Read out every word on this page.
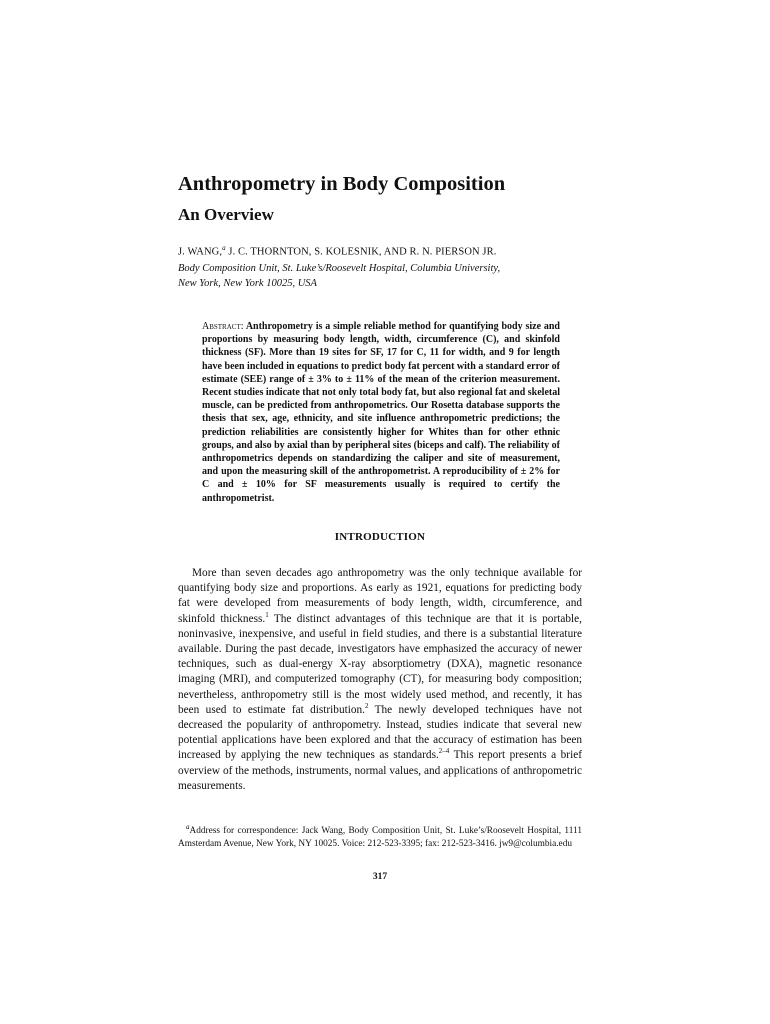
Anthropometry in Body Composition
An Overview
J. WANG,$^a$ J. C. THORNTON, S. KOLESNIK, AND R. N. PIERSON JR.
Body Composition Unit, St. Luke’s/Roosevelt Hospital, Columbia University,
New York, New York 10025, USA
Abstract: Anthropometry is a simple reliable method for quantifying body size and proportions by measuring body length, width, circumference (C), and skinfold thickness (SF). More than 19 sites for SF, 17 for C, 11 for width, and 9 for length have been included in equations to predict body fat percent with a standard error of estimate (SEE) range of ± 3% to ± 11% of the mean of the criterion measurement. Recent studies indicate that not only total body fat, but also regional fat and skeletal muscle, can be predicted from anthropometrics. Our Rosetta database supports the thesis that sex, age, ethnicity, and site influence anthropometric predictions; the prediction reliabilities are consistently higher for Whites than for other ethnic groups, and also by axial than by peripheral sites (biceps and calf). The reliability of anthropometrics depends on standardizing the caliper and site of measurement, and upon the measuring skill of the anthropometrist. A reproducibility of ± 2% for C and ± 10% for SF measurements usually is required to certify the anthropometrist.
INTRODUCTION

More than seven decades ago anthropometry was the only technique available for quantifying body size and proportions. As early as 1921, equations for predicting body fat were developed from measurements of body length, width, circumference, and skinfold thickness.$^1$ The distinct advantages of this technique are that it is portable, noninvasive, inexpensive, and useful in field studies, and there is a substantial literature available. During the past decade, investigators have emphasized the accuracy of newer techniques, such as dual-energy X-ray absorptiometry (DXA), magnetic resonance imaging (MRI), and computerized tomography (CT), for measuring body composition; nevertheless, anthropometry still is the most widely used method, and recently, it has been used to estimate fat distribution.$^2$ The newly developed techniques have not decreased the popularity of anthropometry. Instead, studies indicate that several new potential applications have been explored and that the accuracy of estimation has been increased by applying the new techniques as standards.$^{2-4}$ This report presents a brief overview of the methods, instruments, normal values, and applications of anthropometric measurements.

$^a$Address for correspondence: Jack Wang, Body Composition Unit, St. Luke’s/Roosevelt Hospital, 1111 Amsterdam Avenue, New York, NY 10025. Voice: 212-523-3395; fax: 212-523-3416. jw9@columbia.edu

317
